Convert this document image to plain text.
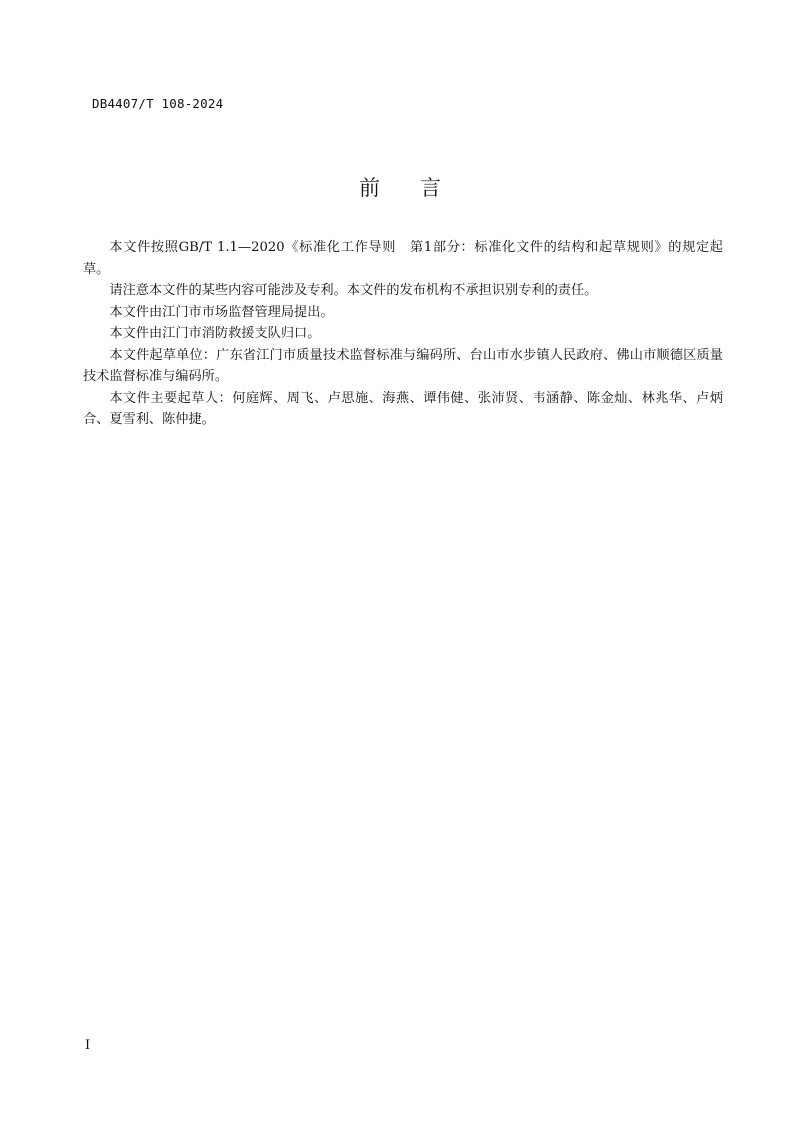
DB4407/T 108-2024
前言

本文件按照GB/T 1.1—2020《标准化工作导则　第1部分：标准化文件的结构和起草规则》的规定起草。

请注意本文件的某些内容可能涉及专利。本文件的发布机构不承担识别专利的责任。

本文件由江门市市场监督管理局提出。

本文件由江门市消防救援支队归口。

本文件起草单位：广东省江门市质量技术监督标准与编码所、台山市水步镇人民政府、佛山市顺德区质量技术监督标准与编码所。

本文件主要起草人：何庭辉、周飞、卢思施、海燕、谭伟健、张沛贤、韦涵静、陈金灿、林兆华、卢炳合、夏雪利、陈仲捷。

I
